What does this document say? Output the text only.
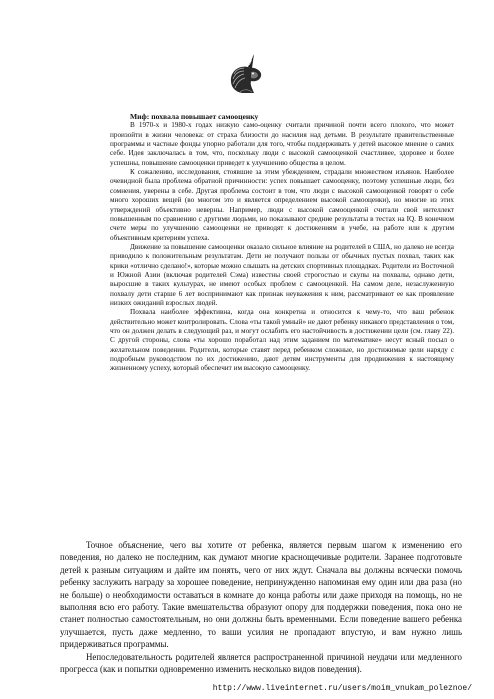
Миф: похвала повышает самооценку

В 1970-х и 1980-х годах низкую само-оценку считали причиной почти всего плохого, что может произойти в жизни человека: от страха близости до насилия над детьми. В результате правительственные программы и частные фонды упорно работали для того, чтобы поддерживать у детей высокое мнение о самих себе. Идея заключалась в том, что, поскольку люди с высокой самооценкой счастливее, здоровее и более успешны, повышение самооценки приведет к улучшению общества в целом.

К сожалению, исследования, стоявшие за этим убеждением, страдали множеством изъянов. Наиболее очевидной была проблема обратной причинности: успех повышает самооценку, поэтому успешные люди, без сомнения, уверены в себе. Другая проблема состоит в том, что люди с высокой самооценкой говорят о себе много хороших вещей (во многом это и является определением высокой самооценки), но многие из этих утверждений объективно неверны. Например, люди с высокой самооценкой считали свой интеллект повышенным по сравнению с другими людьми, но показывают средние результаты в тестах на IQ. В конечном счете меры по улучшению самооценки не приводят к достижениям в учебе, на работе или к другим объективным критериям успеха.

Движение за повышение самооценки оказало сильное влияние на родителей в США, но далеко не всегда приводило к положительным результатам. Дети не получают пользы от обычных пустых похвал, таких как крики «отлично сделано!», которые можно слышать на детских спортивных площадках. Родители из Восточной и Южной Азии (включая родителей Сэма) известны своей строгостью и скупы на похвалы, однако дети, выросшие в таких культурах, не имеют особых проблем с самооценкой. На самом деле, незаслуженную похвалу дети старше 6 лет воспринимают как признак неуважения к ним, рассматривают ее как проявление низких ожиданий взрослых людей.

Похвала наиболее эффективна, когда она конкретна и относится к чему-то, что ваш ребенок действительно может контролировать. Слова «ты такой умный» не дают ребенку никакого представления о том, что он должен делать в следующий раз, и могут ослабить его настойчивость в достижении цели (см. главу 22). С другой стороны, слова «ты хорошо поработал над этим заданием по математике» несут ясный посыл о желательном поведении. Родители, которые ставят перед ребенком сложные, но достижимые цели наряду с подробным руководством по их достижению, дают детям инструменты для продвижения к настоящему жизненному успеху, который обеспечит им высокую самооценку.

Точное объяснение, чего вы хотите от ребенка, является первым шагом к изменению его поведения, но далеко не последним, как думают многие краснощечивые родители. Заранее подготовьте детей к разным ситуациям и дайте им понять, чего от них ждут. Сначала вы должны всячески помочь ребенку заслужить награду за хорошее поведение, непринужденно напоминая ему один или два раза (но не больше) о необходимости оставаться в комнате до конца работы или даже приходя на помощь, но не выполняя всю его работу. Такие вмешательства образуют опору для поддержки поведения, пока оно не станет полностью самостоятельным, но они должны быть временными. Если поведение вашего ребенка улучшается, пусть даже медленно, то ваши усилия не пропадают впустую, и вам нужно лишь придерживаться программы.

Непоследовательность родителей является распространенной причиной неудачи или медленного прогресса (как и попытки одновременно изменить несколько видов поведения).

http://www.liveinternet.ru/users/moim_vnukam_poleznoe/
